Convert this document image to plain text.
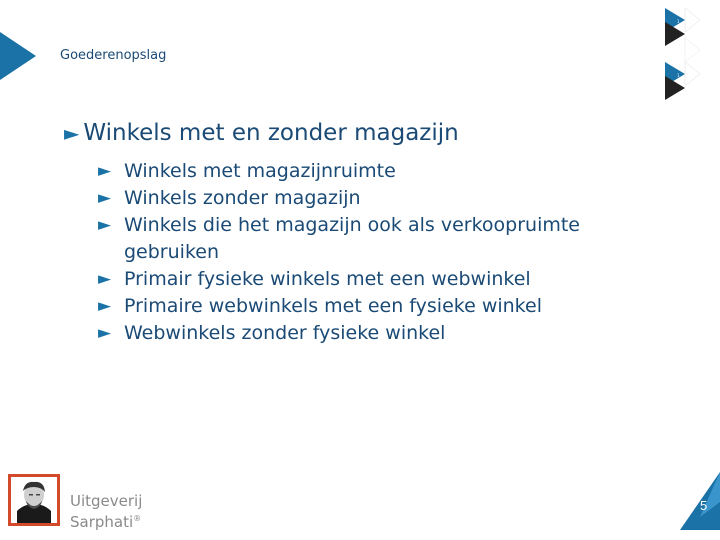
Goederenopslag
1
1
► Winkels met en zonder magazijn
► Winkels met magazijnruimte
► Winkels zonder magazijn
► Winkels die het magazijn ook als verkoopruimte gebruiken
► Primair fysieke winkels met een webwinkel
► Primaire webwinkels met een fysieke winkel
► Webwinkels zonder fysieke winkel
Uitgeverij
Sarphati®
5
